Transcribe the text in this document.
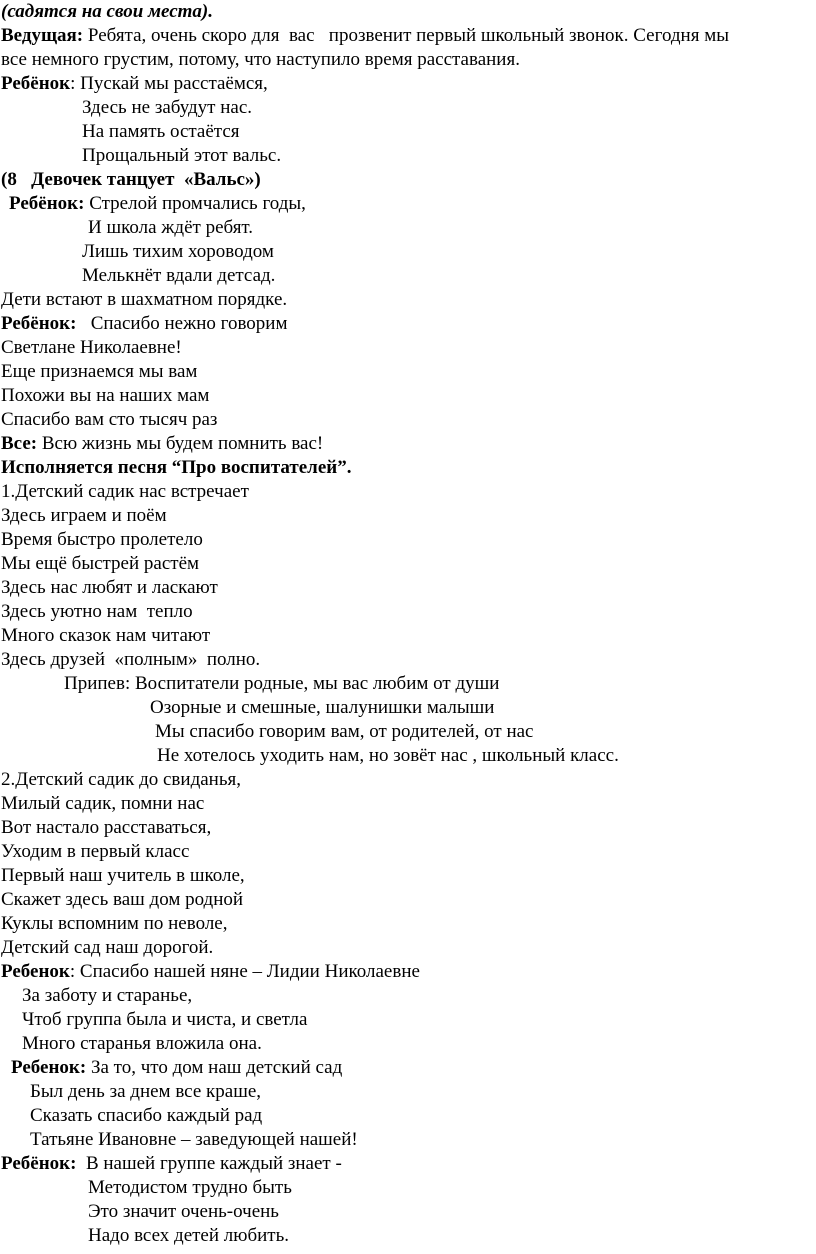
(садятся на свои места).
Ведущая: Ребята, очень скоро для  вас   прозвенит первый школьный звонок. Сегодня мы
все немного грустим, потому, что наступило время расставания.
Ребёнок: Пускай мы расстаёмся,
Здесь не забудут нас.
На память остаётся
Прощальный этот вальс.
(8   Девочек танцует  «Вальс»)
Ребёнок: Стрелой промчались годы,
И школа ждёт ребят.
Лишь тихим хороводом
Мелькнёт вдали детсад.
Дети встают в шахматном порядке.
Ребёнок:   Спасибо нежно говорим
Светлане Николаевне!
Еще признаемся мы вам
Похожи вы на наших мам
Спасибо вам сто тысяч раз
Все: Всю жизнь мы будем помнить вас!
Исполняется песня “Про воспитателей”.
1.Детский садик нас встречает
Здесь играем и поём
Время быстро пролетело
Мы ещё быстрей растём
Здесь нас любят и ласкают
Здесь уютно нам  тепло
Много сказок нам читают
Здесь друзей  «полным»  полно.
Припев: Воспитатели родные, мы вас любим от души
Озорные и смешные, шалунишки малыши
Мы спасибо говорим вам, от родителей, от нас
Не хотелось уходить нам, но зовёт нас , школьный класс.
2.Детский садик до свиданья,
Милый садик, помни нас
Вот настало расставаться,
Уходим в первый класс
Первый наш учитель в школе,
Скажет здесь ваш дом родной
Куклы вспомним по неволе,
Детский сад наш дорогой.
Ребенок: Спасибо нашей няне – Лидии Николаевне
За заботу и старанье,
Чтоб группа была и чиста, и светла
Много старанья вложила она.
Ребенок: За то, что дом наш детский сад
Был день за днем все краше,
Сказать спасибо каждый рад
Татьяне Ивановне – заведующей нашей!
Ребёнок:  В нашей группе каждый знает -
Методистом трудно быть
Это значит очень-очень
Надо всех детей любить.
